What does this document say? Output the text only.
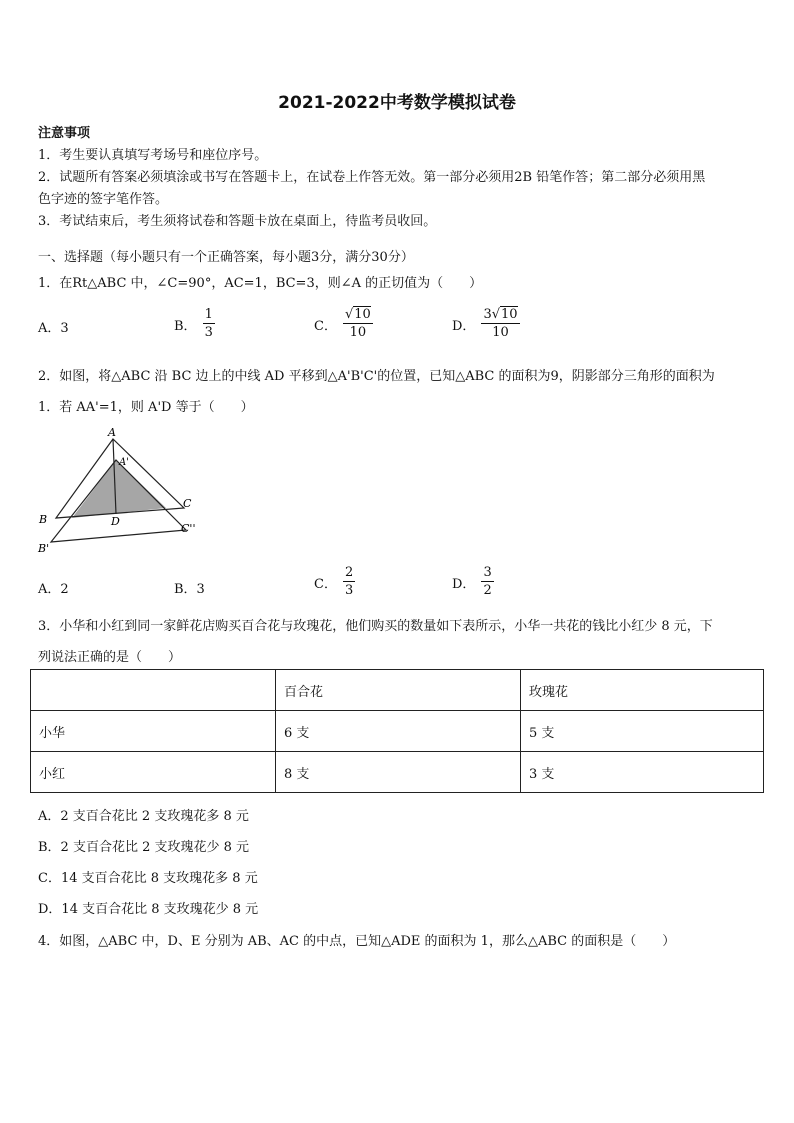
2021-2022中考数学模拟试卷
注意事项
1．考生要认真填写考场号和座位序号。
2．试题所有答案必须填涂或书写在答题卡上，在试卷上作答无效。第一部分必须用2B 铅笔作答；第二部分必须用黑
色字迹的签字笔作答。
3．考试结束后，考生须将试卷和答题卡放在桌面上，待监考员收回。
一、选择题（每小题只有一个正确答案，每小题3分，满分30分）
1．在Rt△ABC 中，∠C=90°，AC=1，BC=3，则∠A 的正切值为（　　）
A．3	B． $\frac{1}{3}$	C． $\frac{√10}{10}$	D． $\frac{3√10}{10}$
2．如图，将△ABC 沿 BC 边上的中线 AD 平移到△A'B'C'的位置，已知△ABC 的面积为9，阴影部分三角形的面积为
1．若 AA'=1，则 A'D 等于（　　）
A
A'
B
B'
C
C''
D
A．2	B．3	C． $\frac{2}{3}$	D． $\frac{3}{2}$
3．小华和小红到同一家鲜花店购买百合花与玫瑰花，他们购买的数量如下表所示，小华一共花的钱比小红少 8 元，下
列说法正确的是（　　）
	百合花	玫瑰花
小华	6 支	5 支
小红	8 支	3 支
A．2 支百合花比 2 支玫瑰花多 8 元
B．2 支百合花比 2 支玫瑰花少 8 元
C．14 支百合花比 8 支玫瑰花多 8 元
D．14 支百合花比 8 支玫瑰花少 8 元
4．如图，△ABC 中，D、E 分别为 AB、AC 的中点，已知△ADE 的面积为 1，那么△ABC 的面积是（　　）
